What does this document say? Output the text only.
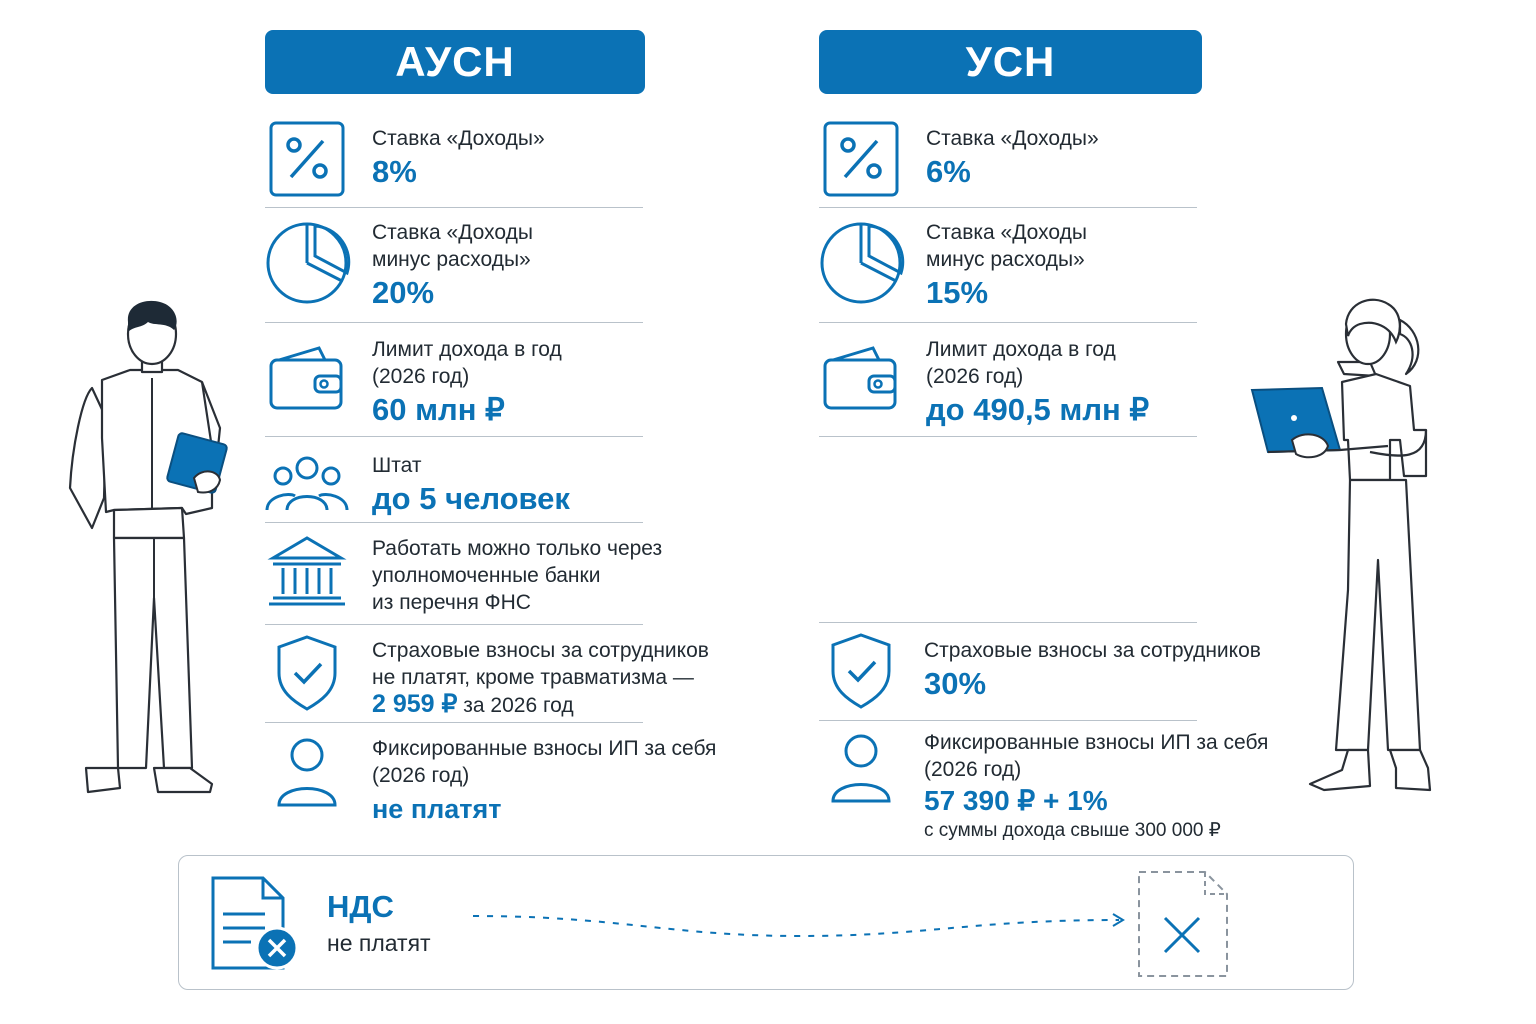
АУСН
Ставка «Доходы»
8%
Ставка «Доходы
минус расходы»
20%
Лимит дохода в год
(2026 год)
60 млн ₽
Штат
до 5 человек
Работать можно только через
уполномоченные банки
из перечня ФНС
Страховые взносы за сотрудников
не платят, кроме травматизма —
2 959 ₽ за 2026 год
Фиксированные взносы ИП за себя
(2026 год)
не платят
УСН
Ставка «Доходы»
6%
Ставка «Доходы
минус расходы»
15%
Лимит дохода в год
(2026 год)
до 490,5 млн ₽
Страховые взносы за сотрудников
30%
Фиксированные взносы ИП за себя
(2026 год)
57 390 ₽ + 1%
с суммы дохода свыше 300 000 ₽
НДС
не платят
